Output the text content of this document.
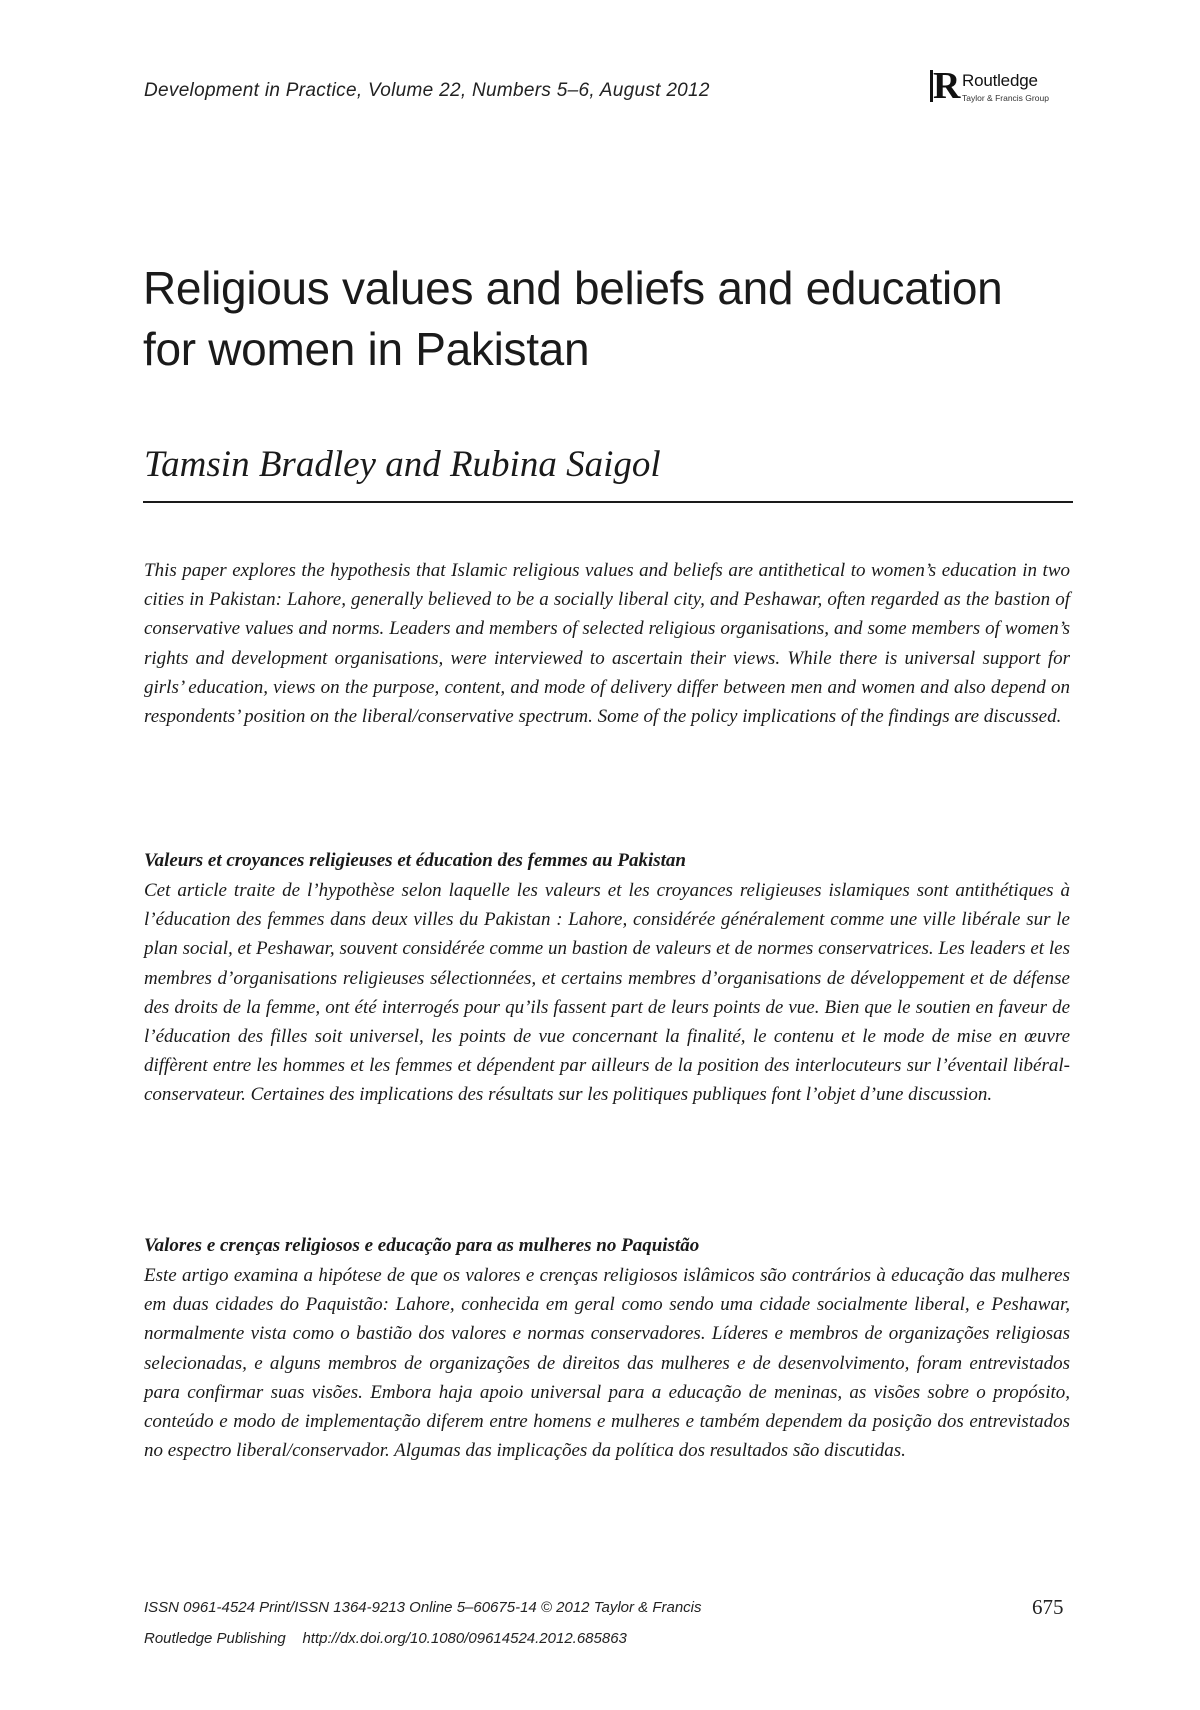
Development in Practice, Volume 22, Numbers 5–6, August 2012	R Routledge
Taylor & Francis Group
Religious values and beliefs and education for women in Pakistan
Tamsin Bradley and Rubina Saigol

This paper explores the hypothesis that Islamic religious values and beliefs are antithetical to women’s education in two cities in Pakistan: Lahore, generally believed to be a socially liberal city, and Peshawar, often regarded as the bastion of conservative values and norms. Leaders and members of selected religious organisations, and some members of women’s rights and development organisations, were interviewed to ascertain their views. While there is universal support for girls’ education, views on the purpose, content, and mode of delivery differ between men and women and also depend on respondents’ position on the liberal/conservative spectrum. Some of the policy implications of the findings are discussed.

Valeurs et croyances religieuses et éducation des femmes au Pakistan

Cet article traite de l’hypothèse selon laquelle les valeurs et les croyances religieuses islamiques sont antithétiques à l’éducation des femmes dans deux villes du Pakistan : Lahore, considérée généralement comme une ville libérale sur le plan social, et Peshawar, souvent considérée comme un bastion de valeurs et de normes conservatrices. Les leaders et les membres d’organisations religieuses sélectionnées, et certains membres d’organisations de développement et de défense des droits de la femme, ont été interrogés pour qu’ils fassent part de leurs points de vue. Bien que le soutien en faveur de l’éducation des filles soit universel, les points de vue concernant la finalité, le contenu et le mode de mise en œuvre diffèrent entre les hommes et les femmes et dépendent par ailleurs de la position des interlocuteurs sur l’éventail libéral-conservateur. Certaines des implications des résultats sur les politiques publiques font l’objet d’une discussion.

Valores e crenças religiosos e educação para as mulheres no Paquistão

Este artigo examina a hipótese de que os valores e crenças religiosos islâmicos são contrários à educação das mulheres em duas cidades do Paquistão: Lahore, conhecida em geral como sendo uma cidade socialmente liberal, e Peshawar, normalmente vista como o bastião dos valores e normas conservadores. Líderes e membros de organizações religiosas selecionadas, e alguns membros de organizações de direitos das mulheres e de desenvolvimento, foram entrevistados para confirmar suas visões. Embora haja apoio universal para a educação de meninas, as visões sobre o propósito, conteúdo e modo de implementação diferem entre homens e mulheres e também dependem da posição dos entrevistados no espectro liberal/conservador. Algumas das implicações da política dos resultados são discutidas.

ISSN 0961-4524 Print/ISSN 1364-9213 Online 5–60675-14 © 2012 Taylor & Francis
Routledge Publishing    http://dx.doi.org/10.1080/09614524.2012.685863
675
